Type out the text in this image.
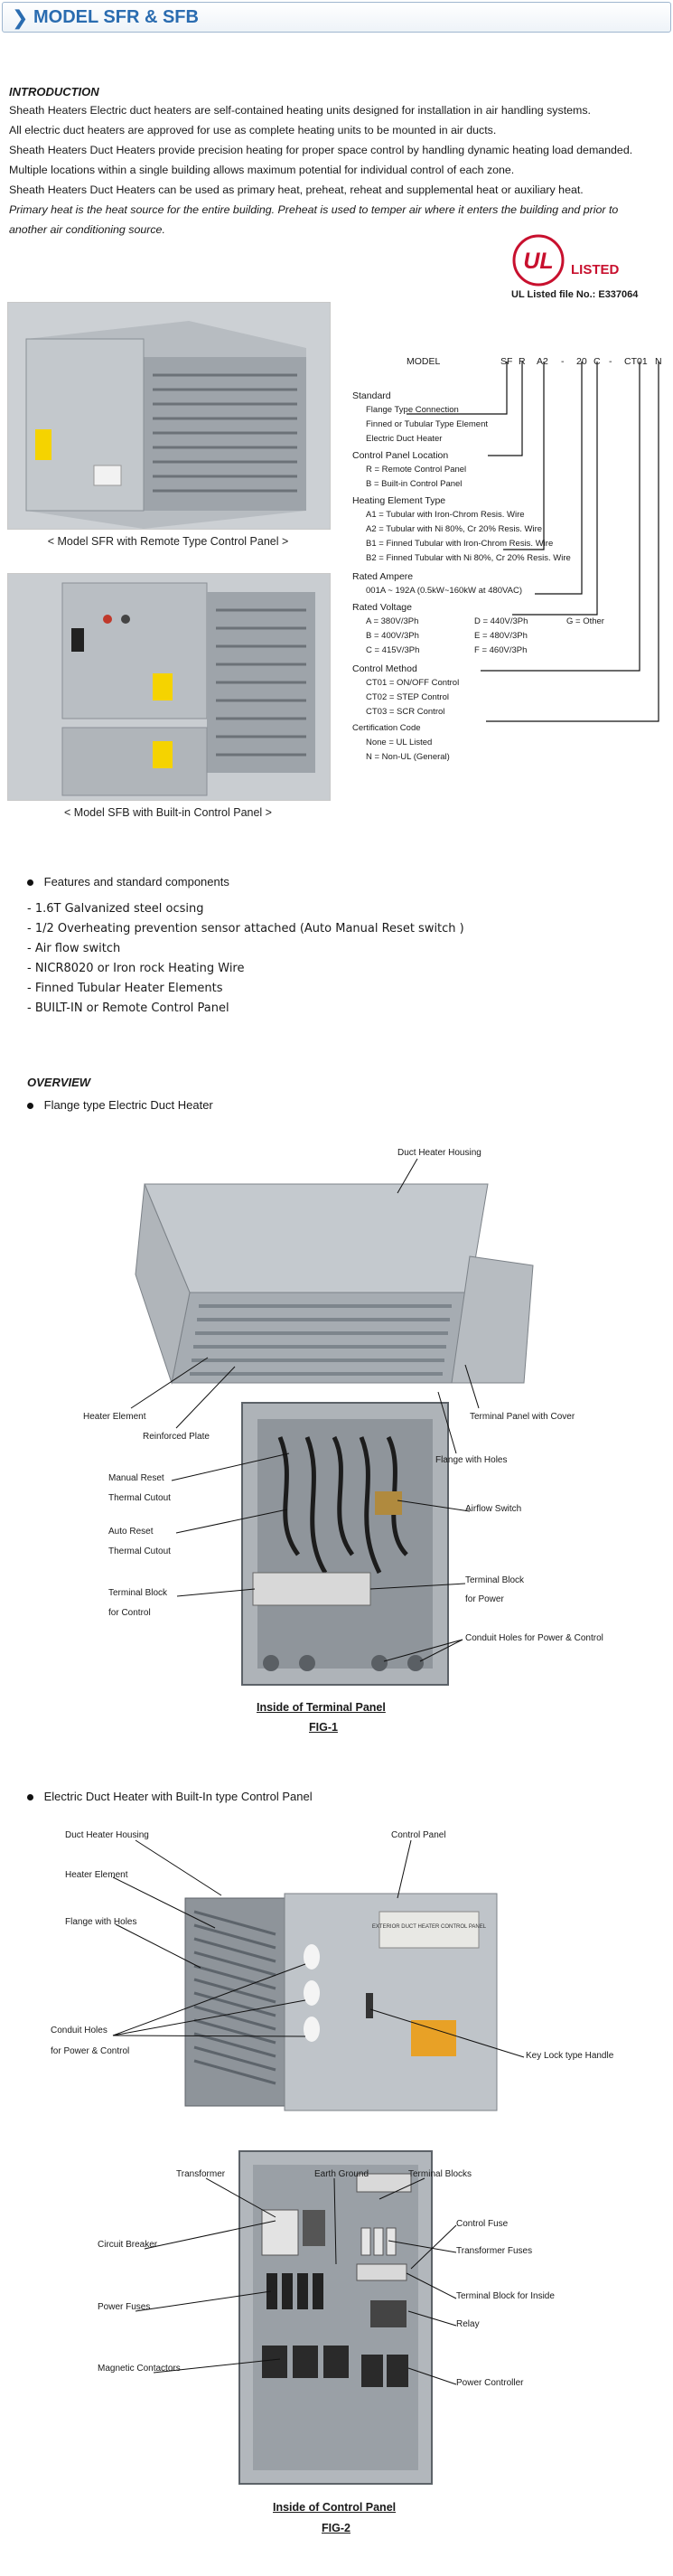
❯ MODEL SFR & SFB
INTRODUCTION

Sheath Heaters Electric duct heaters are self-contained heating units designed for installation in air handling systems.

All electric duct heaters are approved for use as complete heating units to be mounted in air ducts.

Sheath Heaters Duct Heaters provide precision heating for proper space control by handling dynamic heating load demanded.

Multiple locations within a single building allows maximum potential for individual control of each zone.

Sheath Heaters Duct Heaters can be used as primary heat, preheat, reheat and supplemental heat or auxiliary heat.

Primary heat is the heat source for the entire building. Preheat is used to temper air where it enters the building and prior to

another air conditioning source.

UL LISTED
UL Listed file No.: E337064
< Model SFR with Remote Type Control Panel >
< Model SFB with Built-in Control Panel >
MODEL	SF R A2 - 20 C - CT01 N
Standard
Flange Type Connection
Finned or Tubular Type Element
Electric Duct Heater
Control Panel Location
R = Remote Control Panel
B = Built-in Control Panel
Heating Element Type
A1 = Tubular with Iron-Chrom Resis. Wire
A2 = Tubular with Ni 80%, Cr 20% Resis. Wire
B1 = Finned Tubular with Iron-Chrom Resis. Wire
B2 = Finned Tubular with Ni 80%, Cr 20% Resis. Wire
Rated Ampere
001A ~ 192A (0.5kW~160kW at 480VAC)
Rated Voltage
A = 380V/3Ph
B = 400V/3Ph
C = 415V/3Ph
D = 440V/3Ph
E = 480V/3Ph
F = 460V/3Ph
G = Other
Control Method
CT01 = ON/OFF Control
CT02 = STEP Control
CT03 = SCR Control
Certification Code
None = UL Listed
N = Non-UL (General)
Features and standard components
- 1.6T Galvanized steel ocsing
- 1/2 Overheating prevention sensor attached (Auto Manual Reset switch )
- Air flow switch
- NICR8020 or Iron rock Heating Wire
- Finned Tubular Heater Elements
- BUILT-IN or Remote Control Panel
OVERVIEW
Flange type Electric Duct Heater
Duct Heater Housing
Heater Element
Reinforced Plate
Terminal Panel with Cover
Flange with Holes
Manual Reset
Thermal Cutout
Auto Reset
Thermal Cutout
Terminal Block
for Control
Airflow Switch
Terminal Block
for Power
Conduit Holes for Power & Control
Inside of Terminal Panel
FIG-1
Electric Duct Heater with Built-In type Control Panel
EXTERIOR DUCT HEATER CONTROL PANEL
Duct Heater Housing	Control Panel
Heater Element
Flange with Holes
Conduit Holes
for Power & Control	Key Lock type Handle
Transformer	Earth Ground	Terminal Blocks
Control Fuse
Circuit Breaker
Transformer Fuses
Power Fuses
Terminal Block for Inside
Relay
Magnetic Contactors
Power Controller
Inside of Control Panel
FIG-2
